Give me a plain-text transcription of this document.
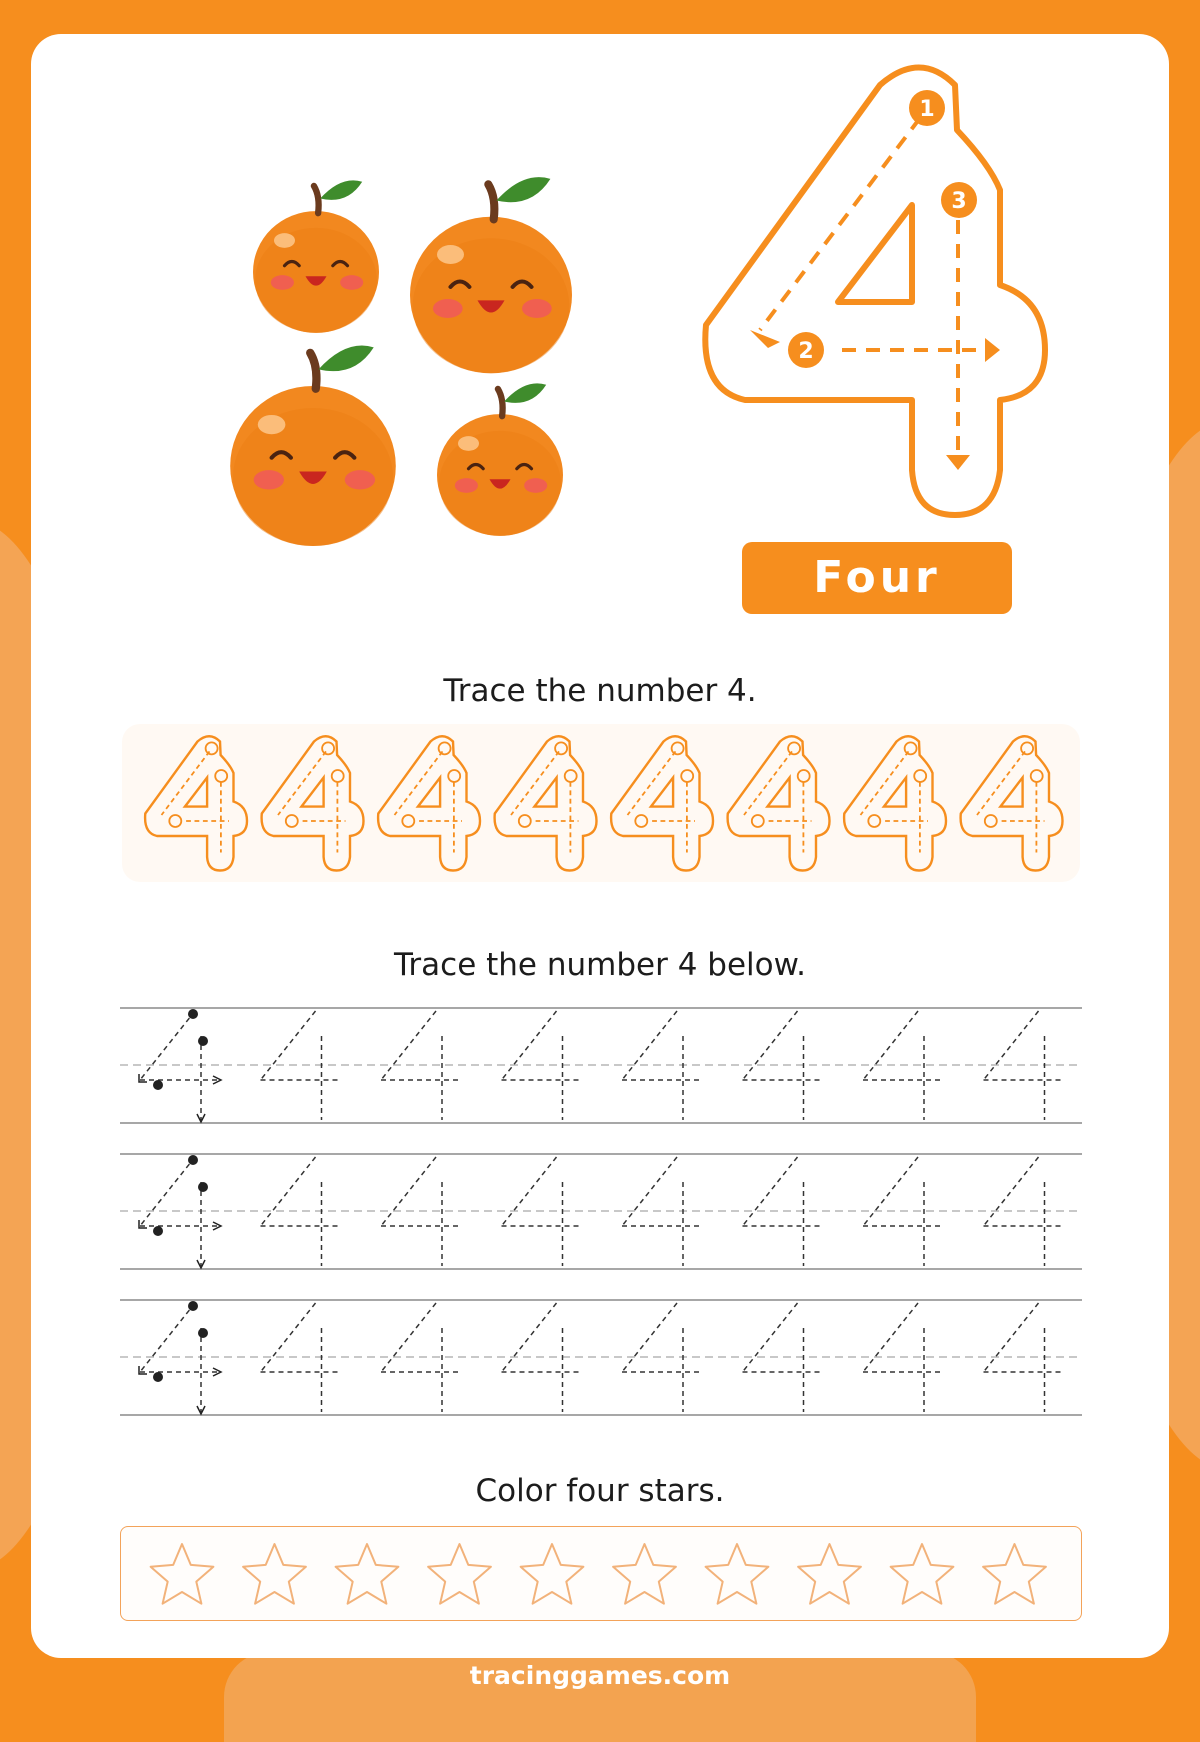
tracinggames.com
1
2
3
Four
Trace the number 4.
Trace the number 4 below.
Color four stars.
